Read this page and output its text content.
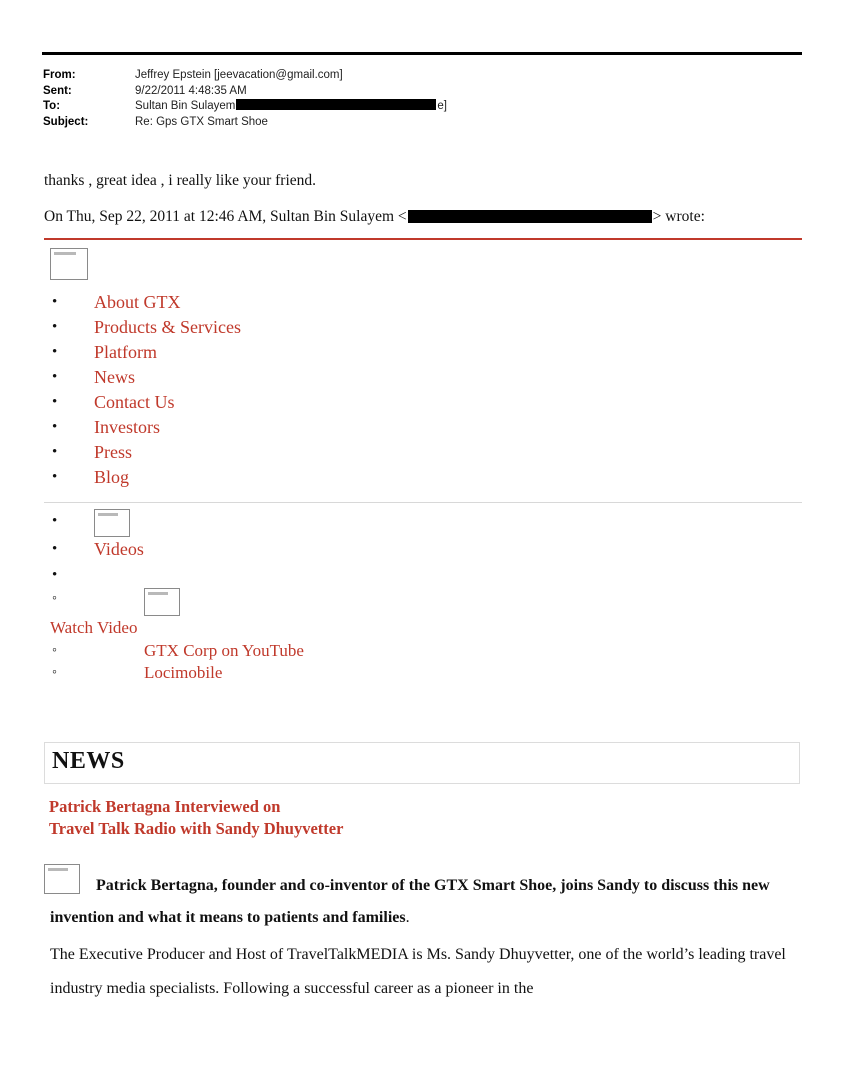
From:	Jeffrey Epstein [jeevacation@gmail.com]
Sent:	9/22/2011 4:48:35 AM
To:	Sultan Bin Sulayem	e]
Subject:	Re: Gps GTX Smart Shoe
thanks , great idea , i really like your friend.
On Thu, Sep 22, 2011 at 12:46 AM, Sultan Bin Sulayem <	> wrote:
• About GTX
• Products & Services
• Platform
• News
• Contact Us
• Investors
• Press
• Blog
•
• Videos
•
◦
Watch Video
◦ GTX Corp on YouTube
◦ Locimobile
NEWS
Patrick Bertagna Interviewed on
Travel Talk Radio with Sandy Dhuyvetter
Patrick Bertagna, founder and co-inventor of the GTX Smart Shoe, joins Sandy to discuss this new invention and what it means to patients and families.
The Executive Producer and Host of TravelTalkMEDIA is Ms. Sandy Dhuyvetter, one of the world’s leading travel industry media specialists. Following a successful career as a pioneer in the
